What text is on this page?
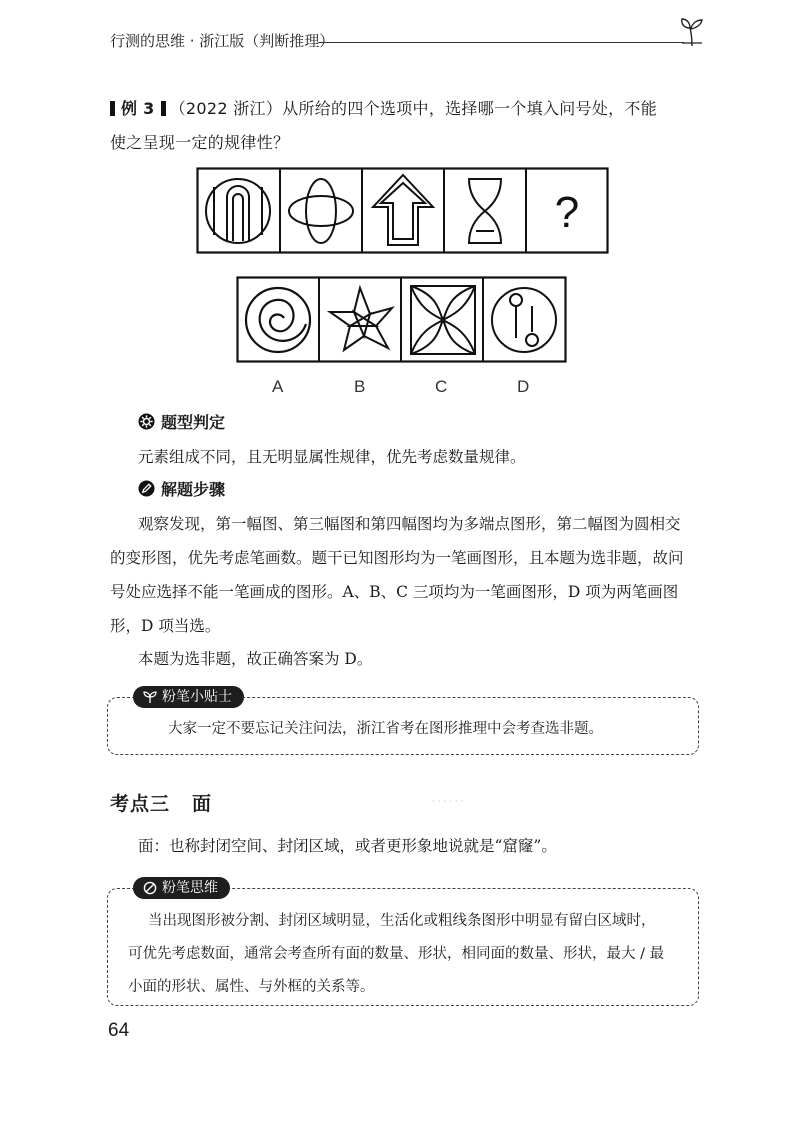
行测的思维 · 浙江版（判断推理）
例 3 （2022 浙江）从所给的四个选项中，选择哪一个填入问号处，不能
使之呈现一定的规律性？
?
A	B	C	D
题型判定
元素组成不同，且无明显属性规律，优先考虑数量规律。
解题步骤
观察发现，第一幅图、第三幅图和第四幅图均为多端点图形，第二幅图为圆相交的变形图，优先考虑笔画数。题干已知图形均为一笔画图形，且本题为选非题，故问号处应选择不能一笔画成的图形。A、B、C 三项均为一笔画图形，D 项为两笔画图形，D 项当选。
本题为选非题，故正确答案为 D。
粉笔小贴士
大家一定不要忘记关注问法，浙江省考在图形推理中会考查选非题。
考点三 面	· · · · · ·
面：也称封闭空间、封闭区域，或者更形象地说就是“窟窿”。
粉笔思维
当出现图形被分割、封闭区域明显，生活化或粗线条图形中明显有留白区域时，
可优先考虑数面，通常会考查所有面的数量、形状，相同面的数量、形状，最大 / 最
小面的形状、属性、与外框的关系等。
64
